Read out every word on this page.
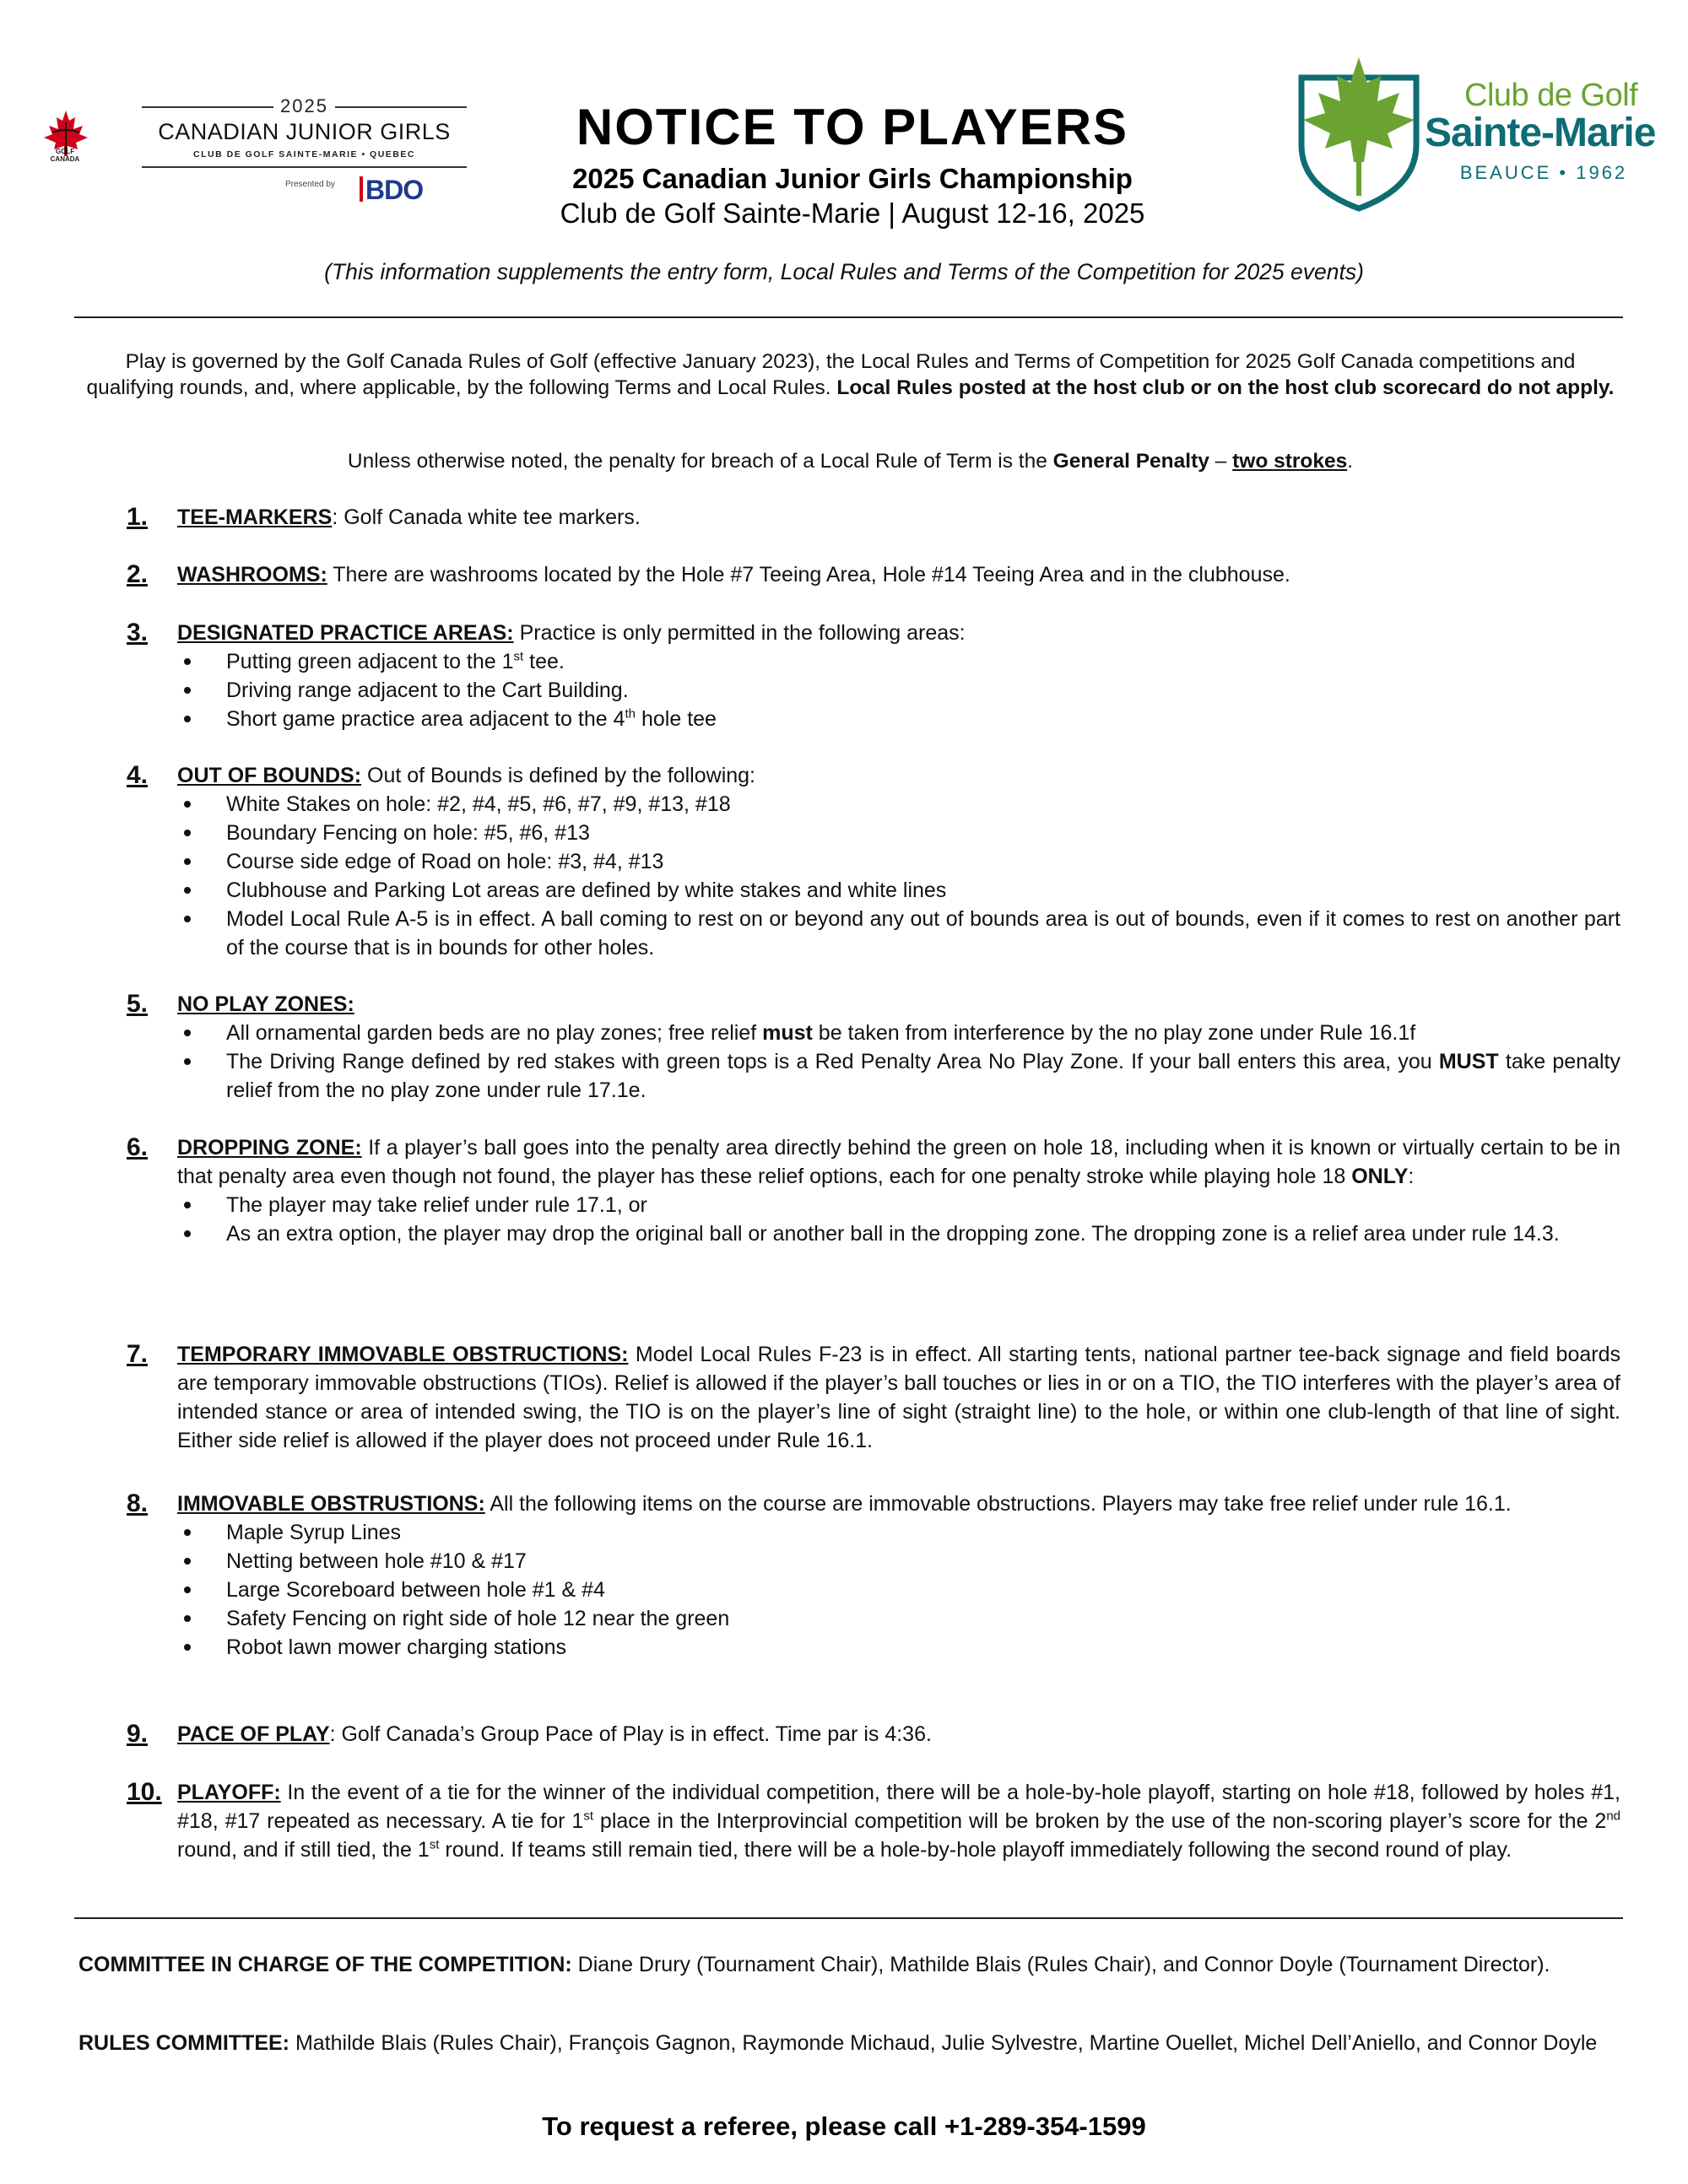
GOLF
CANADA
2025
CANADIAN JUNIOR GIRLS
CLUB DE GOLF SAINTE-MARIE • QUEBEC
Presented by BDO
NOTICE TO PLAYERS
2025 Canadian Junior Girls Championship
Club de Golf Sainte-Marie | August 12-16, 2025
Club de Golf
Sainte-Marie
BEAUCE • 1962
(This information supplements the entry form, Local Rules and Terms of the Competition for 2025 events)
Play is governed by the Golf Canada Rules of Golf (effective January 2023), the Local Rules and Terms of Competition for 2025 Golf Canada competitions and qualifying rounds, and, where applicable, by the following Terms and Local Rules. Local Rules posted at the host club or on the host club scorecard do not apply.
Unless otherwise noted, the penalty for breach of a Local Rule of Term is the General Penalty – two strokes.
1.	TEE-MARKERS: Golf Canada white tee markers.
2.	WASHROOMS: There are washrooms located by the Hole #7 Teeing Area, Hole #14 Teeing Area and in the clubhouse.
3.	DESIGNATED PRACTICE AREAS: Practice is only permitted in the following areas:
Putting green adjacent to the 1st tee.
Driving range adjacent to the Cart Building.
Short game practice area adjacent to the 4th hole tee
4.	OUT OF BOUNDS: Out of Bounds is defined by the following:
White Stakes on hole: #2, #4, #5, #6, #7, #9, #13, #18
Boundary Fencing on hole: #5, #6, #13
Course side edge of Road on hole: #3, #4, #13
Clubhouse and Parking Lot areas are defined by white stakes and white lines
Model Local Rule A-5 is in effect. A ball coming to rest on or beyond any out of bounds area is out of bounds, even if it comes to rest on another part of the course that is in bounds for other holes.
5.	NO PLAY ZONES:
All ornamental garden beds are no play zones; free relief must be taken from interference by the no play zone under Rule 16.1f
The Driving Range defined by red stakes with green tops is a Red Penalty Area No Play Zone. If your ball enters this area, you MUST take penalty relief from the no play zone under rule 17.1e.
6.	DROPPING ZONE: If a player’s ball goes into the penalty area directly behind the green on hole 18, including when it is known or virtually certain to be in that penalty area even though not found, the player has these relief options, each for one penalty stroke while playing hole 18 ONLY:
The player may take relief under rule 17.1, or
As an extra option, the player may drop the original ball or another ball in the dropping zone. The dropping zone is a relief area under rule 14.3.
7.	TEMPORARY IMMOVABLE OBSTRUCTIONS: Model Local Rules F-23 is in effect. All starting tents, national partner tee-back signage and field boards are temporary immovable obstructions (TIOs). Relief is allowed if the player’s ball touches or lies in or on a TIO, the TIO interferes with the player’s area of intended stance or area of intended swing, the TIO is on the player’s line of sight (straight line) to the hole, or within one club-length of that line of sight. Either side relief is allowed if the player does not proceed under Rule 16.1.
8.	IMMOVABLE OBSTRUSTIONS: All the following items on the course are immovable obstructions. Players may take free relief under rule 16.1.
Maple Syrup Lines
Netting between hole #10 & #17
Large Scoreboard between hole #1 & #4
Safety Fencing on right side of hole 12 near the green
Robot lawn mower charging stations
9.	PACE OF PLAY: Golf Canada’s Group Pace of Play is in effect. Time par is 4:36.
10. PLAYOFF: In the event of a tie for the winner of the individual competition, there will be a hole-by-hole playoff, starting on hole #18, followed by holes #1, #18, #17 repeated as necessary. A tie for 1st place in the Interprovincial competition will be broken by the use of the non-scoring player’s score for the 2nd round, and if still tied, the 1st round. If teams still remain tied, there will be a hole-by-hole playoff immediately following the second round of play.
COMMITTEE IN CHARGE OF THE COMPETITION: Diane Drury (Tournament Chair), Mathilde Blais (Rules Chair), and Connor Doyle (Tournament Director).
RULES COMMITTEE: Mathilde Blais (Rules Chair), François Gagnon, Raymonde Michaud, Julie Sylvestre, Martine Ouellet, Michel Dell’Aniello, and Connor Doyle
To request a referee, please call +1-289-354-1599
